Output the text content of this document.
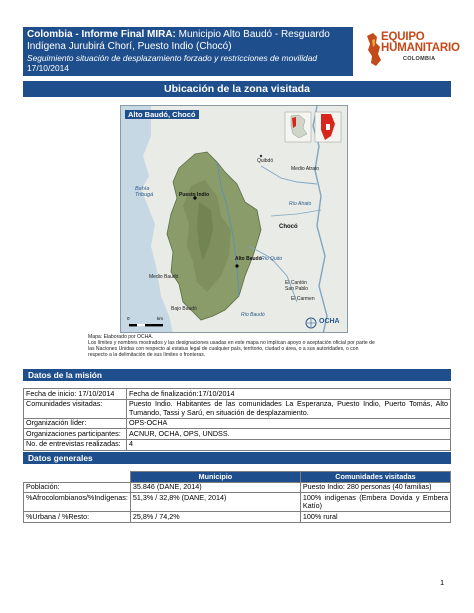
Colombia - Informe Final MIRA: Municipio Alto Baudó - Resguardo Indígena Jurubirá Chorí, Puesto Indio (Chocó)
Seguimiento situación de desplazamiento forzado y restricciones de movilidad
17/10/2014
EQUIPO
HUMANITARIO
COLOMBIA
Ubicación de la zona visitada
Alto Baudó, Chocó
Bahía
Tribugá
Quibdó
Puesto Indio
Medio Atrato
Chocó
Alto Baudó
Bajo Baudó
El Cantón
San Pablo
El Carmen
Medio Baudó
Río Atrato
Río Quito
Río Baudó
OCHA
0	km
Mapa: Elaborado por OCHA.
Los límites y nombres mostrados y las designaciones usadas en este mapa no implican apoyo o aceptación oficial por parte de las Naciones Unidas con respecto al estatus legal de cualquier país, territorio, ciudad o área, o a sus autoridades, o con respecto a la delimitación de sus límites o fronteras.
Datos de la misión
Fecha de inicio: 17/10/2014	Fecha de finalización:17/10/2014
Comunidades visitadas:	Puesto Indio. Habitantes de las comunidades La Esperanza, Puesto Indio, Puerto Tomás, Alto Tumando, Tassi y Sarú, en situación de desplazamiento.
Organización líder:	OPS-OCHA
Organizaciones participantes:	ACNUR, OCHA, OPS, UNDSS.
No. de entrevistas realizadas:	4
Datos generales
	Municipio	Comunidades visitadas
Población:	35.846 (DANE, 2014)	Puesto Indio: 280 personas (40 familias)
%Afrocolombianos/%Indígenas:	51,3% / 32,8% (DANE, 2014)	100% indígenas (Embera Dovida y Embera Katío)
%Urbana / %Resto:	25,8% / 74,2%	100% rural
1
